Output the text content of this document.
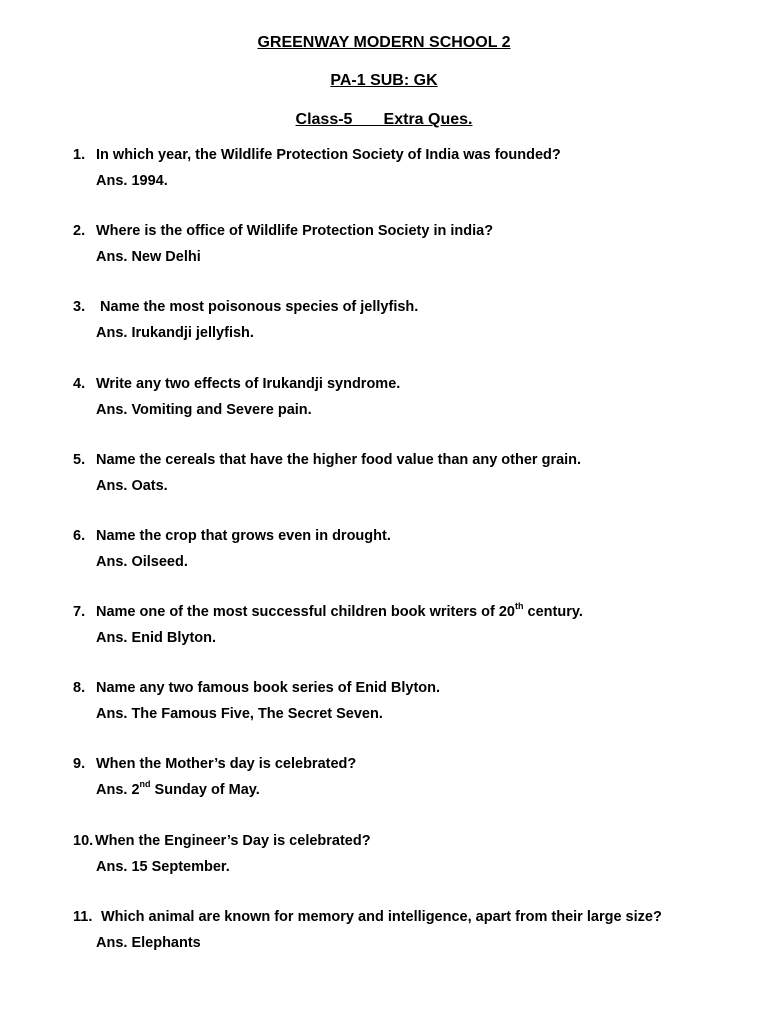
GREENWAY MODERN SCHOOL 2
PA-1 SUB: GK
Class-5       Extra Ques.
1. In which year, the Wildlife Protection Society of India was founded?
Ans. 1994.
2. Where is the office of Wildlife Protection Society in india?
Ans. New Delhi
3. Name the most poisonous species of jellyfish.
Ans. Irukandji jellyfish.
4. Write any two effects of Irukandji syndrome.
Ans. Vomiting and Severe pain.
5. Name the cereals that have the higher food value than any other grain.
Ans. Oats.
6. Name the crop that grows even in drought.
Ans. Oilseed.
7. Name one of the most successful children book writers of 20th century.
Ans. Enid Blyton.
8. Name any two famous book series of Enid Blyton.
Ans. The Famous Five, The Secret Seven.
9. When the Mother’s day is celebrated?
Ans. 2nd Sunday of May.
10. When the Engineer’s Day is celebrated?
Ans. 15 September.
11. Which animal are known for memory and intelligence, apart from their large size?
Ans. Elephants
